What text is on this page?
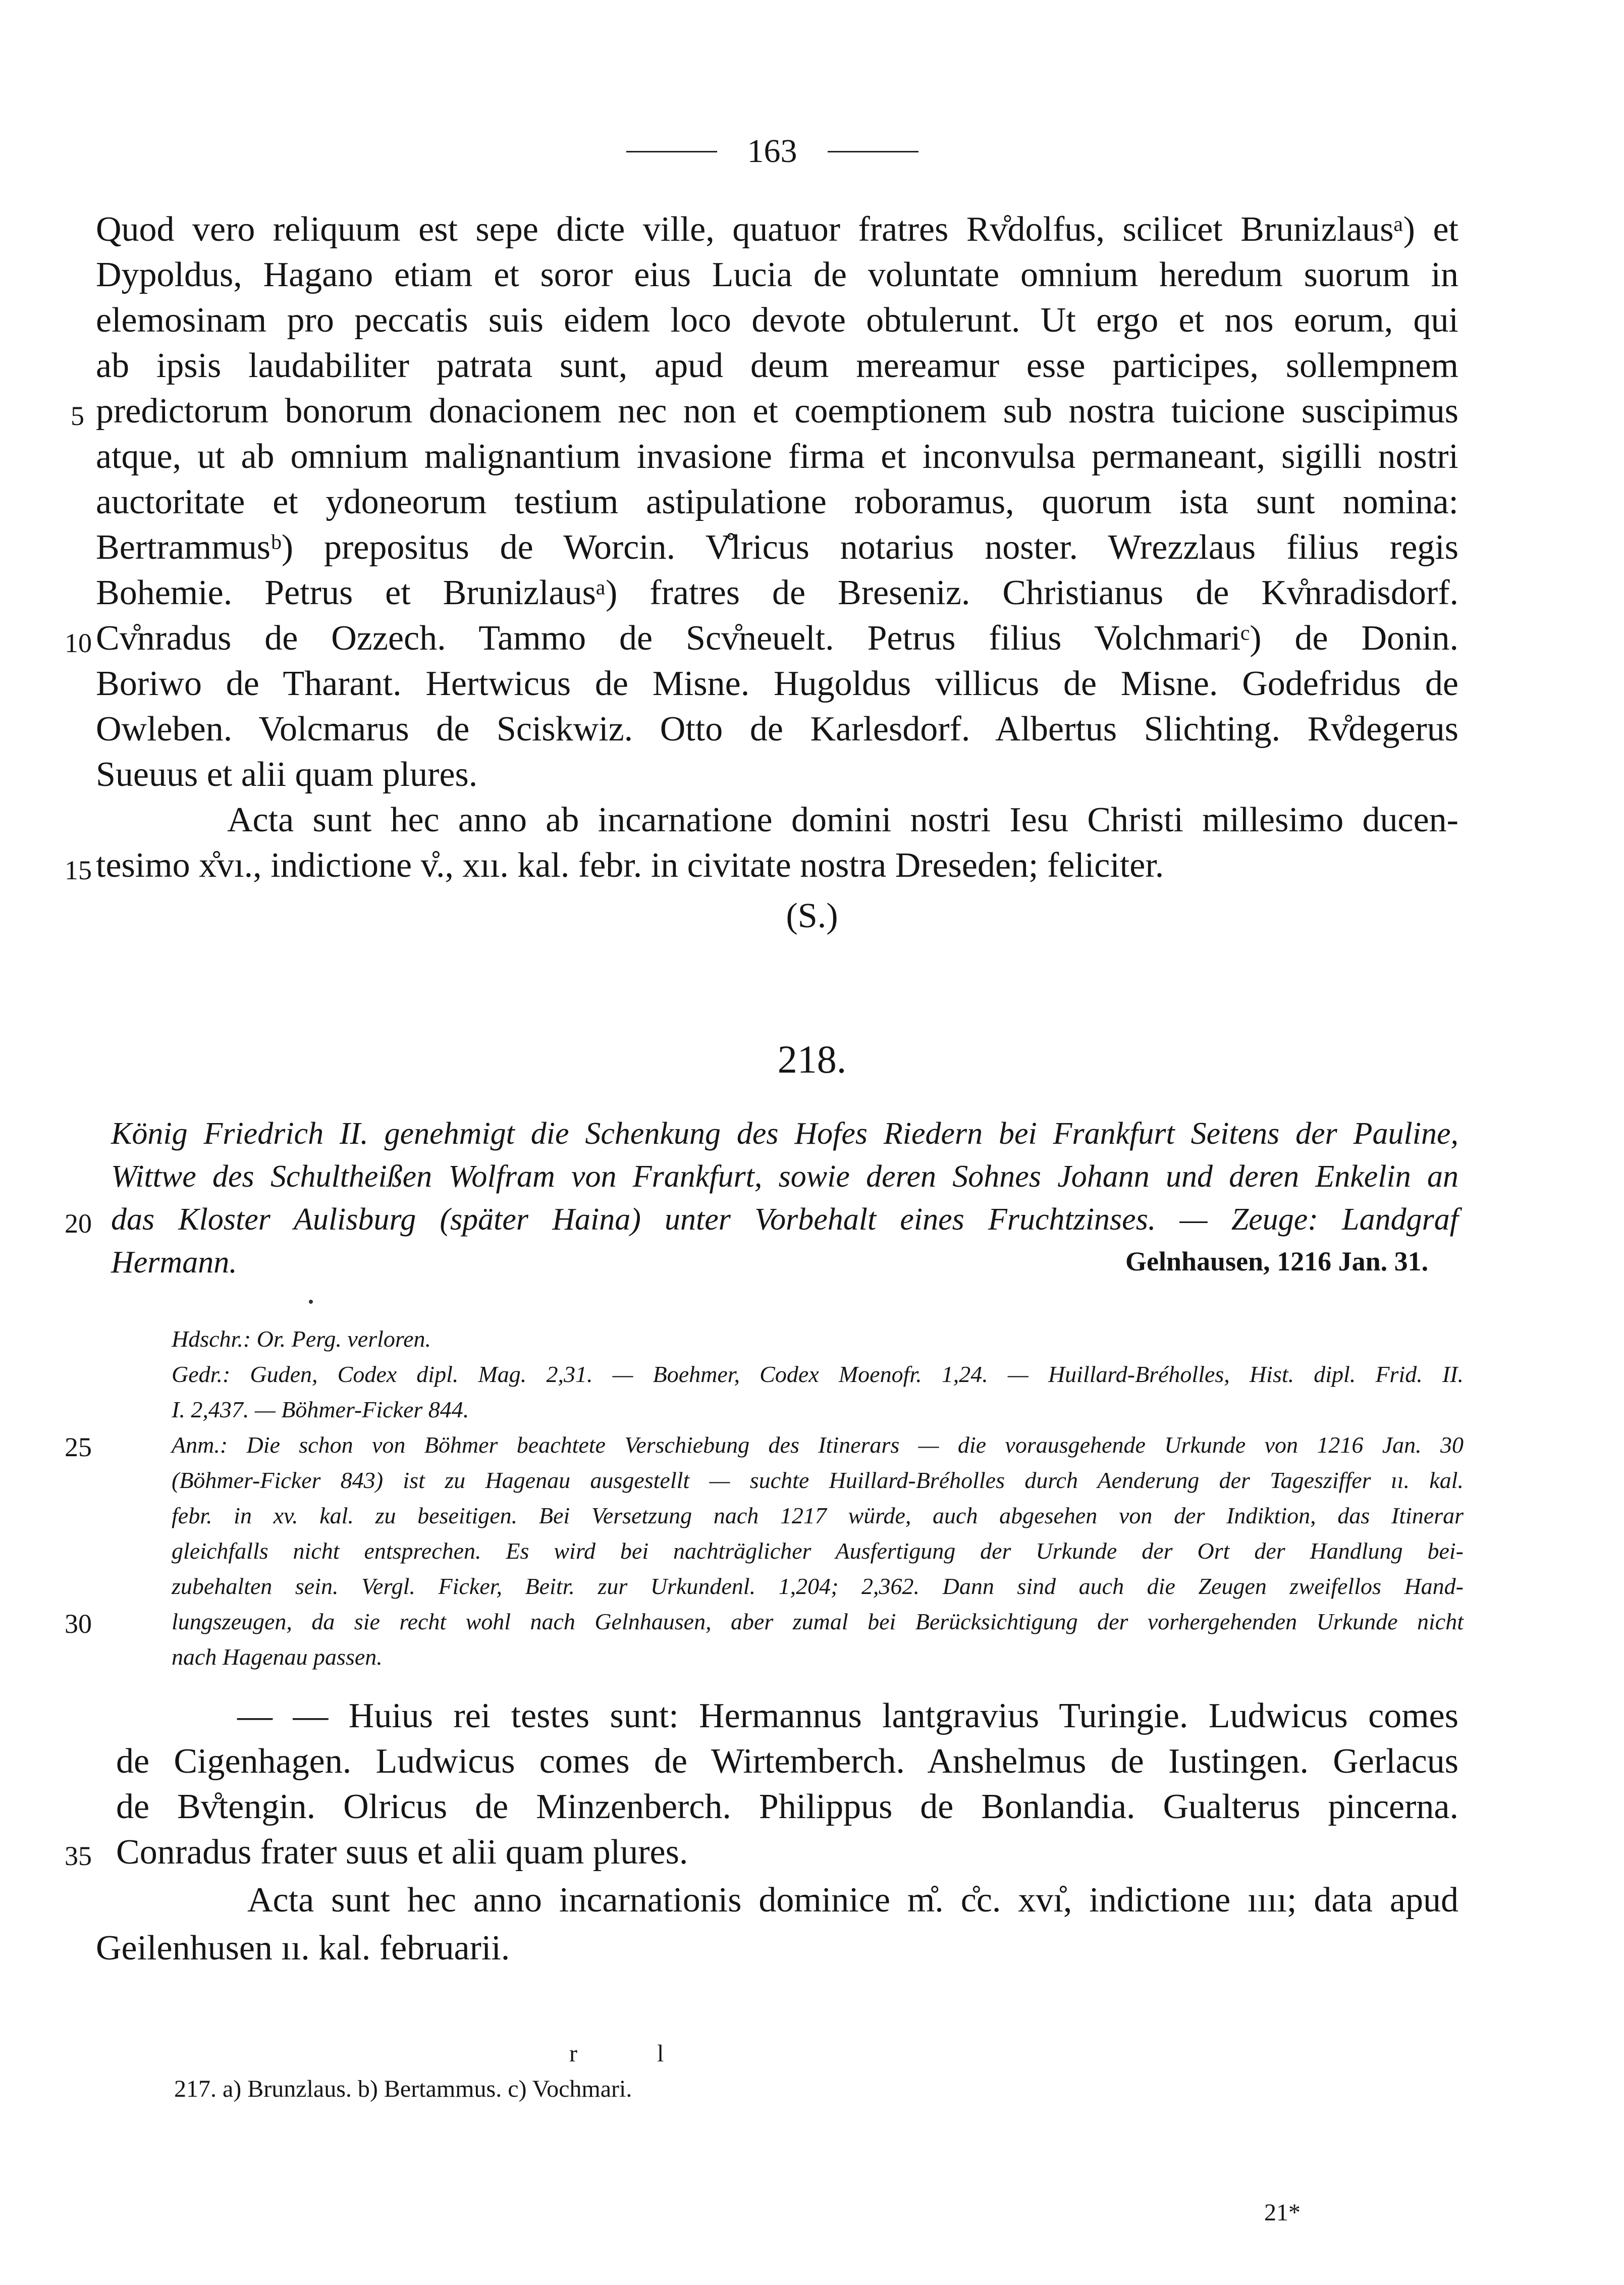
163
Quod vero reliquum est sepe dicte ville, quatuor fratres Rv̊dolfus, scilicet Brunizlausᵃ) et
Dypoldus, Hagano etiam et soror eius Lucia de voluntate omnium heredum suorum in
elemosinam pro peccatis suis eidem loco devote obtulerunt. Ut ergo et nos eorum, qui
ab ipsis laudabiliter patrata sunt, apud deum mereamur esse participes, sollempnem
predictorum bonorum donacionem nec non et coemptionem sub nostra tuicione suscipimus
atque, ut ab omnium malignantium invasione firma et inconvulsa permaneant, sigilli nostri
auctoritate et ydoneorum testium astipulatione roboramus, quorum ista sunt nomina:
Bertrammusᵇ) prepositus de Worcin. V̊lricus notarius noster. Wrezzlaus filius regis
Bohemie. Petrus et Brunizlausᵃ) fratres de Breseniz. Christianus de Kv̊nradisdorf.
Cv̊nradus de Ozzech. Tammo de Scv̊neuelt. Petrus filius Volchmariᶜ) de Donin.
Boriwo de Tharant. Hertwicus de Misne. Hugoldus villicus de Misne. Godefridus de
Owleben. Volcmarus de Sciskwiz. Otto de Karlesdorf. Albertus Slichting. Rv̊degerus
Sueuus et alii quam plures.
Acta sunt hec anno ab incarnatione domini nostri Iesu Christi millesimo ducen-
tesimo x̊vı., indictione v̊., xıı. kal. febr. in civitate nostra Dreseden; feliciter.
(S.)
218.
König Friedrich II. genehmigt die Schenkung des Hofes Riedern bei Frankfurt Seitens der Pauline,
Wittwe des Schultheißen Wolfram von Frankfurt, sowie deren Sohnes Johann und deren Enkelin an
das Kloster Aulisburg (später Haina) unter Vorbehalt eines Fruchtzinses. — Zeuge: Landgraf
Hermann.	Gelnhausen, 1216 Jan. 31.
Hdschr.: Or. Perg. verloren.
Gedr.: Guden, Codex dipl. Mag. 2,31. — Boehmer, Codex Moenofr. 1,24. — Huillard-Bréholles, Hist. dipl. Frid. II.
I. 2,437. — Böhmer-Ficker 844.
Anm.: Die schon von Böhmer beachtete Verschiebung des Itinerars — die vorausgehende Urkunde von 1216 Jan. 30
(Böhmer-Ficker 843) ist zu Hagenau ausgestellt — suchte Huillard-Bréholles durch Aenderung der Tagesziffer ıı. kal.
febr. in xv. kal. zu beseitigen. Bei Versetzung nach 1217 würde, auch abgesehen von der Indiktion, das Itinerar
gleichfalls nicht entsprechen. Es wird bei nachträglicher Ausfertigung der Urkunde der Ort der Handlung bei-
zubehalten sein. Vergl. Ficker, Beitr. zur Urkundenl. 1,204; 2,362. Dann sind auch die Zeugen zweifellos Hand-
lungszeugen, da sie recht wohl nach Gelnhausen, aber zumal bei Berücksichtigung der vorhergehenden Urkunde nicht
nach Hagenau passen.
— — Huius rei testes sunt: Hermannus lantgravius Turingie. Ludwicus comes
de Cigenhagen. Ludwicus comes de Wirtemberch. Anshelmus de Iustingen. Gerlacus
de Bv̊tengin. Olricus de Minzenberch. Philippus de Bonlandia. Gualterus pincerna.
Conradus frater suus et alii quam plures.
Acta sunt hec anno incarnationis dominice m̊. c̊c. xvı̊, indictione ıııı; data apud
Geilenhusen ıı. kal. februarii.
r	l
217. a) Brunzlaus. b) Bertammus. c) Vochmari.
21*
5
10
15
20
25
30
35
